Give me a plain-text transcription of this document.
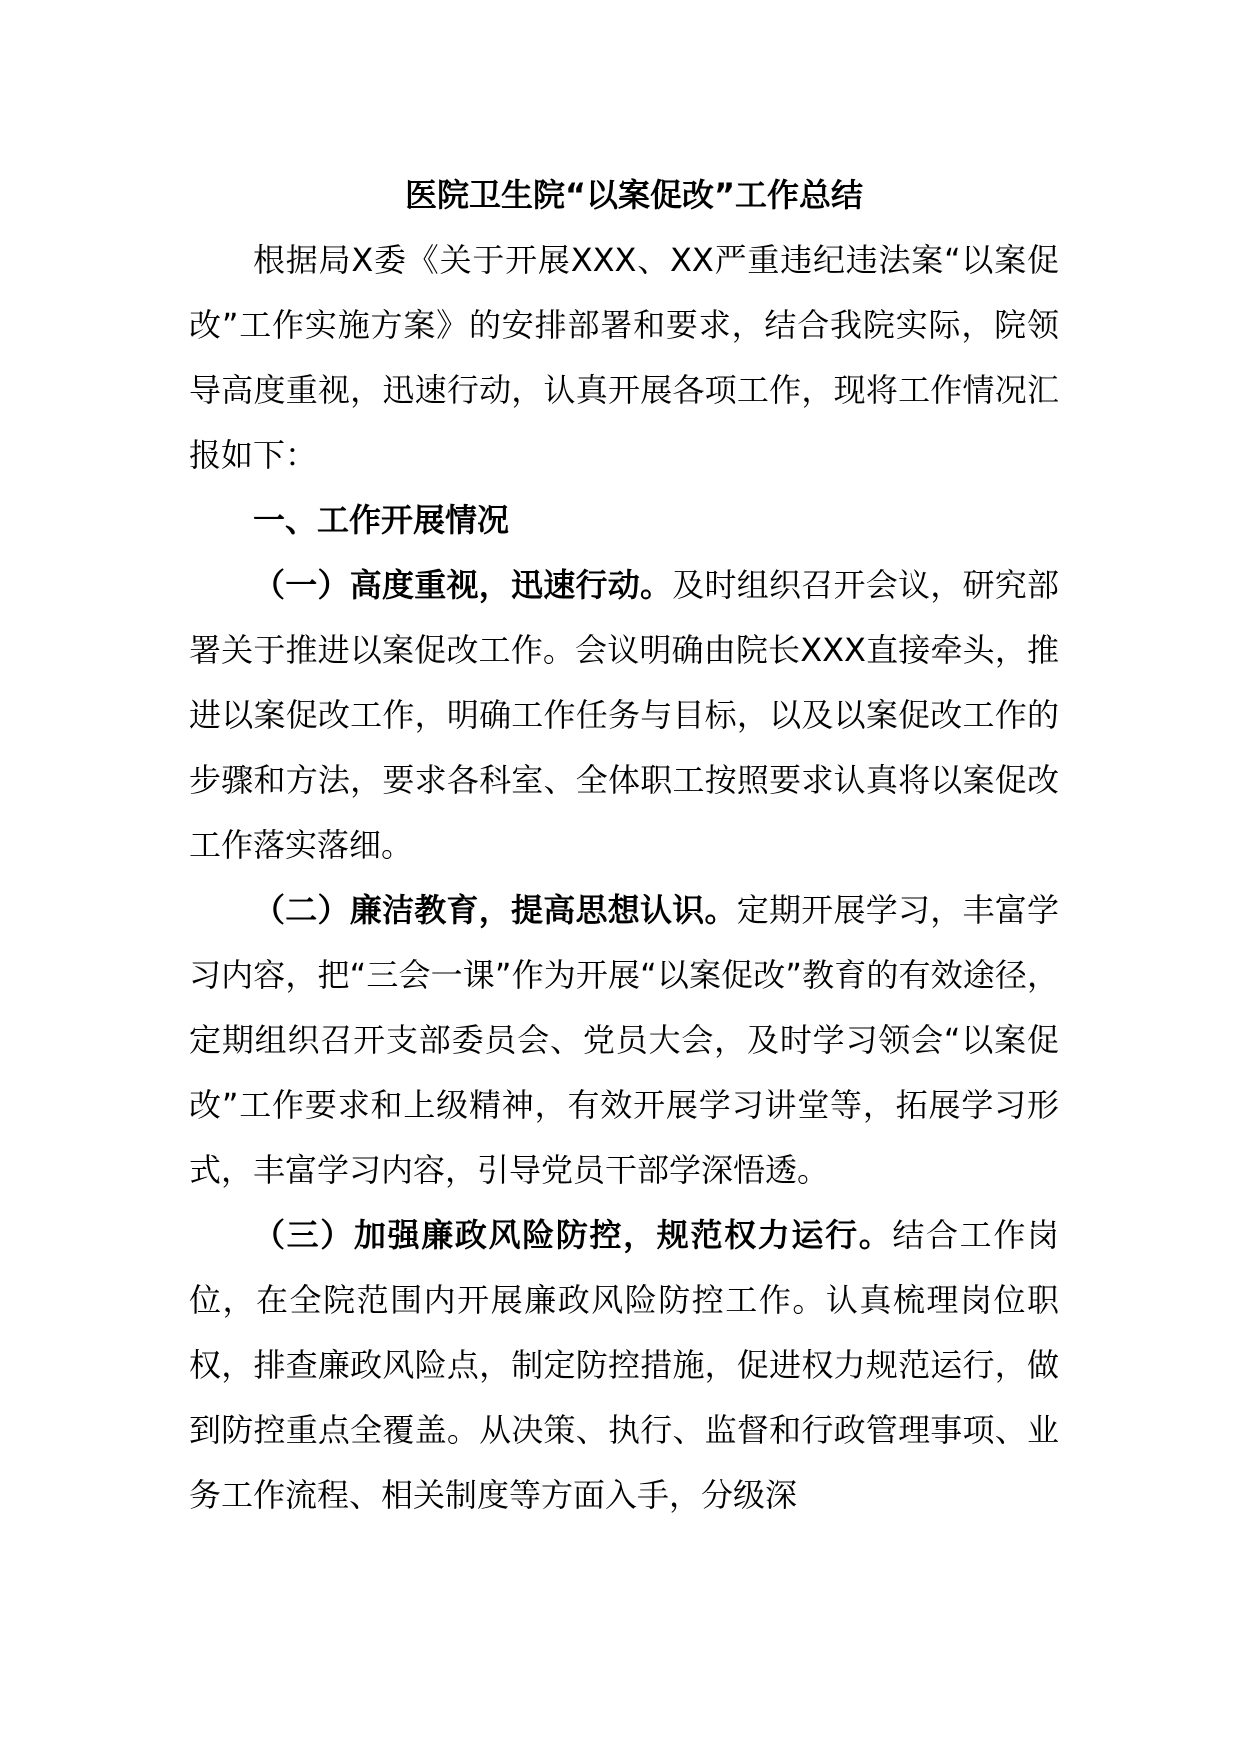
医院卫生院“以案促改”工作总结

根据局Ⅹ委《关于开展XXX、XX严重违纪违法案“以案促改”工作实施方案》的安排部署和要求，结合我院实际，院领导高度重视，迅速行动，认真开展各项工作，现将工作情况汇报如下：

一、工作开展情况

（一）高度重视，迅速行动。及时组织召开会议，研究部署关于推进以案促改工作。会议明确由院长XXX直接牵头，推进以案促改工作，明确工作任务与目标，以及以案促改工作的步骤和方法，要求各科室、全体职工按照要求认真将以案促改工作落实落细。

（二）廉洁教育，提高思想认识。定期开展学习，丰富学习内容，把“三会一课”作为开展“以案促改”教育的有效途径，定期组织召开支部委员会、党员大会，及时学习领会“以案促改”工作要求和上级精神，有效开展学习讲堂等，拓展学习形式，丰富学习内容，引导党员干部学深悟透。

（三）加强廉政风险防控，规范权力运行。结合工作岗位，在全院范围内开展廉政风险防控工作。认真梳理岗位职权，排查廉政风险点，制定防控措施，促进权力规范运行，做到防控重点全覆盖。从决策、执行、监督和行政管理事项、业务工作流程、相关制度等方面入手，分级深
